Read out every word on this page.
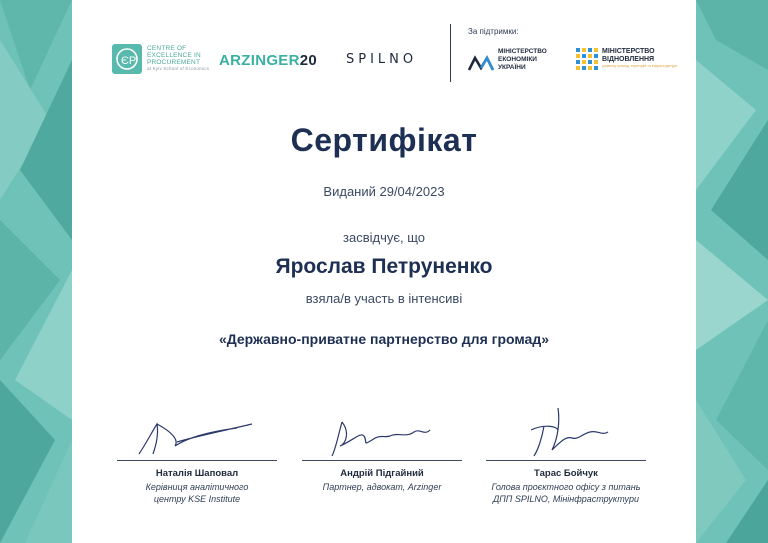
ЄP
CENTRE OF
EXCELLENCE IN
PROCUREMENT
at Kyiv School of Economics ARZINGER20 SPILNO
За підтримки:
МІНІСТЕРСТВО
ЕКОНОМІКИ
УКРАЇНИ
МІНІСТЕРСТВО
ВІДНОВЛЕННЯ
розвитку громад, територій та інфраструктури
Сертифікат
Виданий 29/04/2023
засвідчує, що
Ярослав Петруненко
взяла/в участь в інтенсиві
«Державно-приватне партнерство для громад»
Наталія Шаповал
Керівниця аналітичного
центру KSE Institute
Андрій Підгайний
Партнер, адвокат, Arzinger
Тарас Бойчук
Голова проєктного офісу з питань
ДПП SPILNO, Мінінфраструктури
